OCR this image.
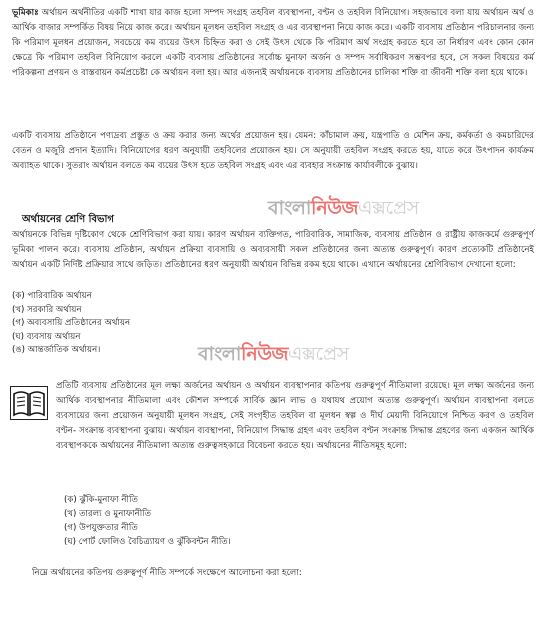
ভূমিকাঃ অর্থায়ন অর্থনীতির একটি শাখা যার কাজ হলো সম্পদ সংগ্রহ তহবিল ব্যবস্থাপনা, বণ্টন ও তহবিল বিনিয়োগ। সহজভাবে বলা যায় অর্থায়ন অর্থ ও আর্থিক বাজার সম্পর্কিত বিষয় নিয়ে কাজ করে। অর্থায়ন মূলধন তহবিল সংগ্রহ ও এর ব্যবস্থাপনা নিয়ে কাজ করে। একটি ব্যবসায় প্রতিষ্ঠান পরিচালনার জন্য কি পরিমাণ মূলধন প্রয়োজন, সবচেয়ে কম ব্যয়ের উৎস চিহ্নিত করা ও সেই উৎস থেকে কি পরিমাণ অর্থ সংগ্রহ করতে হবে তা নির্ধারণ এবং কোন কোন ক্ষেত্রে কি পরিমাণ তহবিল বিনিয়োগ করলে একটি ব্যবসায় প্রতিষ্ঠানের সর্বোচ্চ মুনাফা অর্জন ও সম্পদ সর্বাধিকরণ সম্ভবপর হবে, সে সকল বিষয়ের কর্ম পরিকল্পনা প্রণয়ন ও বাস্তবায়ন কর্মপ্রচেষ্টা কে অর্থায়ন বলা হয়। আর এজন্যই অর্থায়নকে ব্যবসায় প্রতিষ্ঠানের চালিকা শক্তি বা জীবনী শক্তি বলা হয়ে থাকে।

একটি ব্যবসায় প্রতিষ্ঠানে পণ্যদ্রব্য প্রস্তুত ও ক্রয় করার জন্য অর্থের প্রয়োজন হয়। যেমন: কাঁচামাল ক্রয়, যন্ত্রপাতি ও মেশিন ক্রয়, কর্মকর্তা ও কমচারিদের বেতন ও মজুরি প্রদান ইত্যাদি। বিনিয়োগের ধরণ অনুযায়ী তহবিলের প্রয়োজন হয়। সে অনুযায়ী তহবিল সংগ্রহ করতে হয়, যাতে করে উৎপাদন কার্যক্রম অব্যাহত থাকে। সুতরাং অর্থায়ন বলতে কম ব্যয়ের উৎস হতে তহবিল সংগ্রহ এবং এর ব্যবহার সংক্রান্ত কার্যাবলীকে বুঝায়।

অর্থায়নের শ্রেণি বিভাগ

বাংলানিউজএক্সপ্রেস

অর্থায়নকে বিভিন্ন দৃষ্টিকোণ থেকে শ্রেণিবিভাগ করা যায়। কারণ অর্থায়ন ব্যক্তিগত, পারিবারিক, সামাজিক, ব্যবসায় প্রতিষ্ঠান ও রাষ্ট্রীয় কাজকর্মে গুরুত্বপূর্ণ ভূমিকা পালন করে। ব্যবসায় প্রতিষ্ঠান, অর্থায়ন প্রক্রিয়া ব্যবসায়ি ও অব্যবসায়ী সকল প্রতিষ্ঠানের জন্য অত্যন্ত গুরুত্বপূর্ণ। কারণ প্রত্যেকটি প্রতিষ্ঠানেই অর্থায়ন একটি নির্দিষ্ট প্রক্রিয়ার সাথে জড়িত। প্রতিষ্ঠানের ধরণ অনুযায়ী অর্থায়ন বিভিন্ন রকম হয়ে থাকে। এখানে অর্থায়নের শ্রেণিবিভাগ দেখানো হলো:

(ক) পারিবারিক অর্থায়ন
(খ) সরকারি অর্থায়ন
(গ) অব্যবসায়ি প্রতিষ্ঠানের অর্থায়ন
(ঘ) ব্যবসায় অর্থায়ন
(ঙ) আন্তর্জাতিক অর্থায়ন।	বাংলানিউজএক্সপ্রেস

প্রতিটি ব্যবসায় প্রতিষ্ঠানের মূল লক্ষ্য অর্জনের অর্থায়ন ও অর্থায়ন ব্যবস্থাপনার কতিপয় গুরুত্বপূর্ণ নীতিমালা রয়েছে। মূল লক্ষ্য অর্জনের জন্য আর্থিক ব্যবস্থাপনার নীতিমালা এবং কৌশল সম্পর্কে সার্বিক জ্ঞান লাভ ও যথাযথ প্রয়োগ অত্যন্ত গুরুত্বপূর্ণ। অর্থায়ন ব্যবস্থাপনা বলতে ব্যবসায়ের জন্য প্রয়োজন অনুযায়ী মূলধন সংগ্রহ, সেই সংগৃহীত তহবিল বা মূলধন স্বল্প ও দীর্ঘ মেয়াদী বিনিয়োগে নিশ্চিত করণ ও তহবিল বণ্টন- সংক্রান্ত ব্যবস্থাপনা বুঝায়। অর্থায়ন ব্যবস্থাপনা, বিনিয়োগ সিদ্ধান্ত গ্রহণ এবং তহবিল বণ্টন সংক্রান্ত সিদ্ধান্ত গ্রহণের জন্য একজন আর্থিক ব্যবস্থাপককে অর্থায়নের নীতিমালা অত্যন্ত গুরুত্বসহকারে বিবেচনা করতে হয়। অর্থায়নের নীতিসমূহ হলো:

(ক) ঝুঁকি-মুনাফা নীতি
(খ) তারল্য ও মুনাফানীতি
(গ) উপযুক্ততার নীতি
(ঘ) পোর্ট ফোলিও বৈচিত্র্যায়ণ ও ঝুঁকিবন্টন নীতি।

নিম্নে অর্থায়নের কতিপয় গুরুত্বপূর্ণ নীতি সম্পর্কে সংক্ষেপে আলোচনা করা হলো:
